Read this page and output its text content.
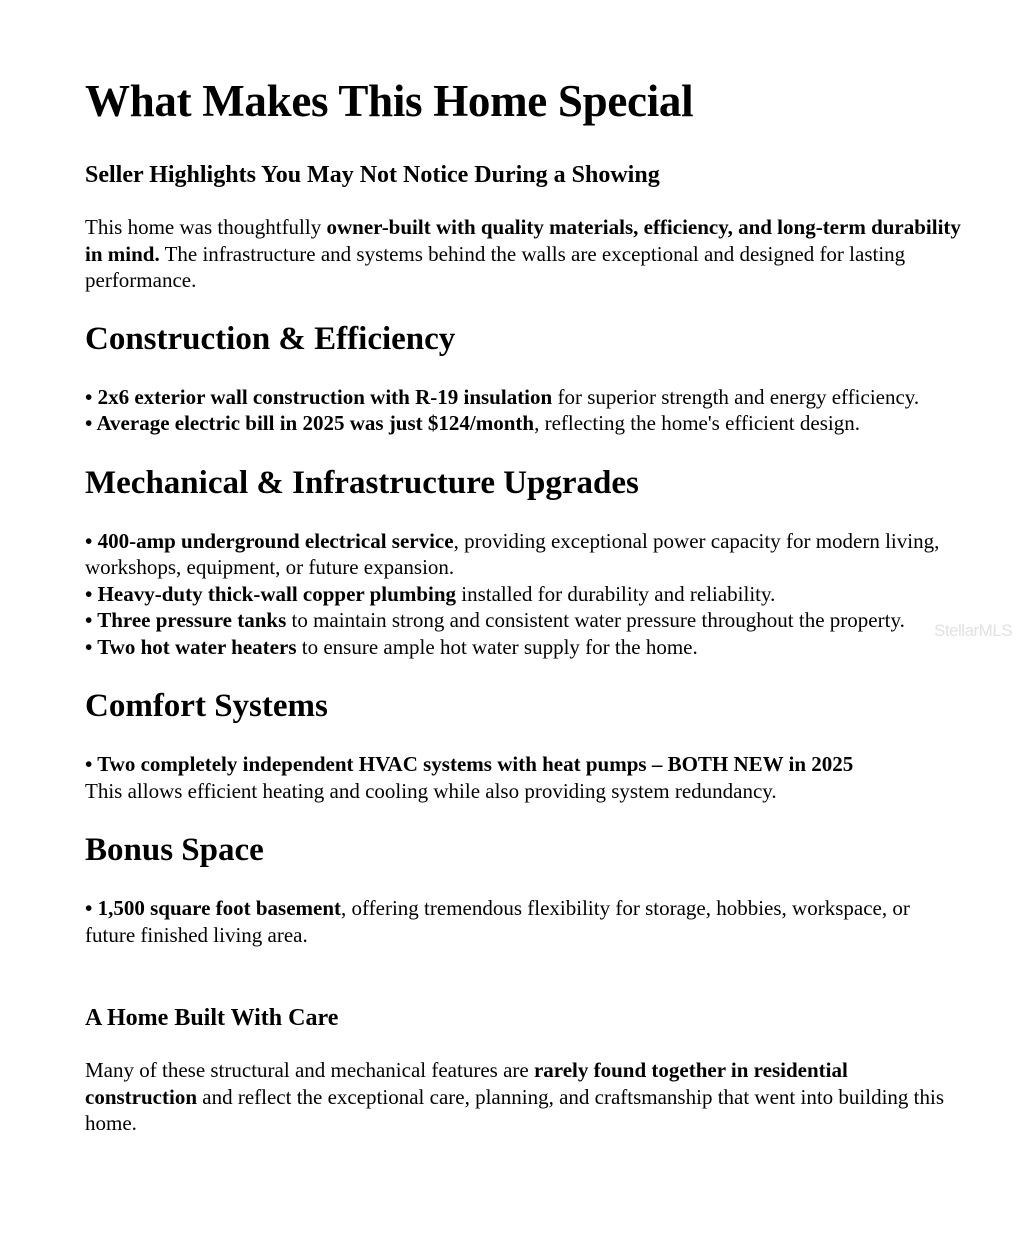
What Makes This Home Special
Seller Highlights You May Not Notice During a Showing

This home was thoughtfully owner-built with quality materials, efficiency, and long-term durability in mind. The infrastructure and systems behind the walls are exceptional and designed for lasting performance.

Construction & Efficiency

• 2x6 exterior wall construction with R-19 insulation for superior strength and energy efficiency.
• Average electric bill in 2025 was just $124/month, reflecting the home's efficient design.

Mechanical & Infrastructure Upgrades

• 400-amp underground electrical service, providing exceptional power capacity for modern living, workshops, equipment, or future expansion.
• Heavy-duty thick-wall copper plumbing installed for durability and reliability.
• Three pressure tanks to maintain strong and consistent water pressure throughout the property.
• Two hot water heaters to ensure ample hot water supply for the home.

Comfort Systems

• Two completely independent HVAC systems with heat pumps – BOTH NEW in 2025
This allows efficient heating and cooling while also providing system redundancy.

Bonus Space

• 1,500 square foot basement, offering tremendous flexibility for storage, hobbies, workspace, or future finished living area.

A Home Built With Care

Many of these structural and mechanical features are rarely found together in residential construction and reflect the exceptional care, planning, and craftsmanship that went into building this home.

StellarMLS
